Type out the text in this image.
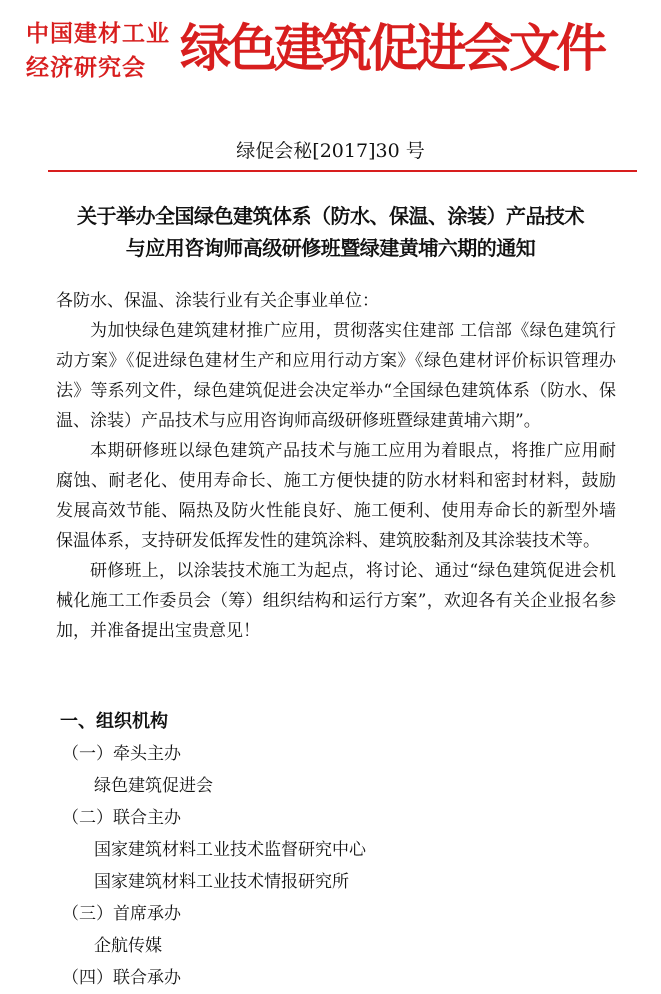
中国建材工业
经济研究会 绿色建筑促进会文件
绿促会秘[2017]30 号
关于举办全国绿色建筑体系（防水、保温、涂装）产品技术
与应用咨询师高级研修班暨绿建黄埔六期的通知

各防水、保温、涂装行业有关企事业单位：

为加快绿色建筑建材推广应用，贯彻落实住建部 工信部《绿色建筑行动方案》《促进绿色建材生产和应用行动方案》《绿色建材评价标识管理办法》等系列文件，绿色建筑促进会决定举办“全国绿色建筑体系（防水、保温、涂装）产品技术与应用咨询师高级研修班暨绿建黄埔六期”。

本期研修班以绿色建筑产品技术与施工应用为着眼点，将推广应用耐腐蚀、耐老化、使用寿命长、施工方便快捷的防水材料和密封材料，鼓励发展高效节能、隔热及防火性能良好、施工便利、使用寿命长的新型外墙保温体系，支持研发低挥发性的建筑涂料、建筑胶黏剂及其涂装技术等。

研修班上，以涂装技术施工为起点，将讨论、通过“绿色建筑促进会机械化施工工作委员会（筹）组织结构和运行方案”，欢迎各有关企业报名参加，并准备提出宝贵意见！

一、组织机构

（一）牵头主办

绿色建筑促进会

（二）联合主办

国家建筑材料工业技术监督研究中心

国家建筑材料工业技术情报研究所

（三）首席承办

企航传媒

（四）联合承办
